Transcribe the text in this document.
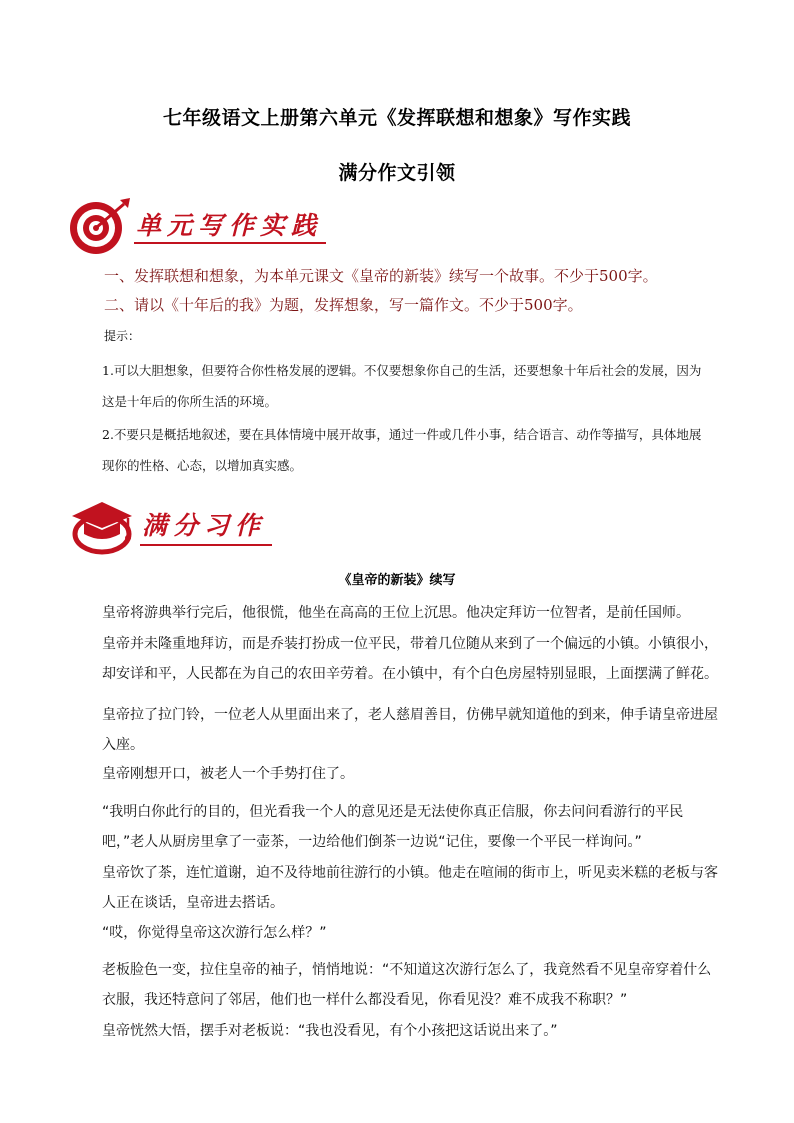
七年级语文上册第六单元《发挥联想和想象》写作实践
满分作文引领
单元写作实践
一、发挥联想和想象，为本单元课文《皇帝的新装》续写一个故事。不少于500字。
二、请以《十年后的我》为题，发挥想象，写一篇作文。不少于500字。
提示：
1.可以大胆想象，但要符合你性格发展的逻辑。不仅要想象你自己的生活，还要想象十年后社会的发展，因为这是十年后的你所生活的环境。
2.不要只是概括地叙述，要在具体情境中展开故事，通过一件或几件小事，结合语言、动作等描写，具体地展现你的性格、心态，以增加真实感。
满分习作
《皇帝的新装》续写
皇帝将游典举行完后，他很慌，他坐在高高的王位上沉思。他决定拜访一位智者，是前任国师。
皇帝并未隆重地拜访，而是乔装打扮成一位平民，带着几位随从来到了一个偏远的小镇。小镇很小，却安详和平，人民都在为自己的农田辛劳着。在小镇中，有个白色房屋特别显眼，上面摆满了鲜花。
皇帝拉了拉门铃，一位老人从里面出来了，老人慈眉善目，仿佛早就知道他的到来，伸手请皇帝进屋入座。
皇帝刚想开口，被老人一个手势打住了。
“我明白你此行的目的，但光看我一个人的意见还是无法使你真正信服，你去问问看游行的平民吧，”老人从厨房里拿了一壶茶，一边给他们倒茶一边说“记住，要像一个平民一样询问。”
皇帝饮了茶，连忙道谢，迫不及待地前往游行的小镇。他走在喧闹的街市上，听见卖米糕的老板与客人正在谈话，皇帝进去搭话。
“哎，你觉得皇帝这次游行怎么样？”
老板脸色一变，拉住皇帝的袖子，悄悄地说：“不知道这次游行怎么了，我竟然看不见皇帝穿着什么衣服，我还特意问了邻居，他们也一样什么都没看见，你看见没？难不成我不称职？”
皇帝恍然大悟，摆手对老板说：“我也没看见，有个小孩把这话说出来了。”
